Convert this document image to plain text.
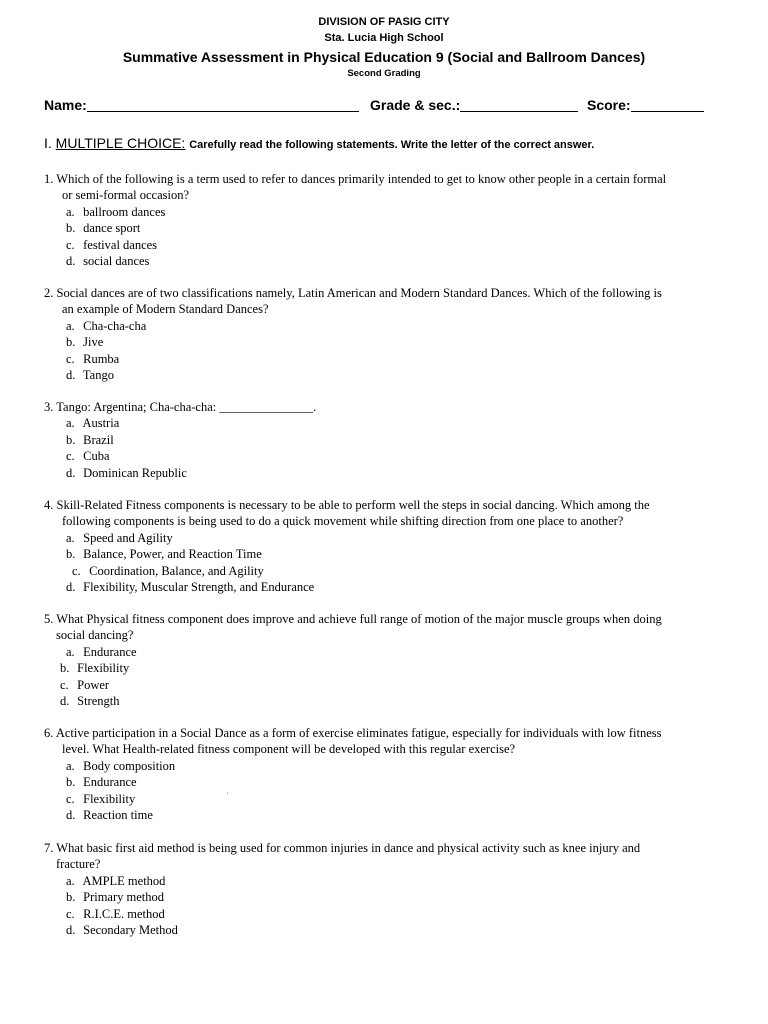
DIVISION OF PASIG CITY
Sta. Lucia High School
Summative Assessment in Physical Education 9 (Social and Ballroom Dances)
Second Grading
Name:	Grade & sec.:	Score:
I. MULTIPLE CHOICE: Carefully read the following statements. Write the letter of the correct answer.
1. Which of the following is a term used to refer to dances primarily intended to get to know other people in a certain formal
or semi-formal occasion?
a. ballroom dances
b. dance sport
c. festival dances
d. social dances
2. Social dances are of two classifications namely, Latin American and Modern Standard Dances. Which of the following is
an example of Modern Standard Dances?
a. Cha-cha-cha
b. Jive
c. Rumba
d. Tango
3. Tango: Argentina; Cha-cha-cha: _______________.
a. Austria
b. Brazil
c. Cuba
d. Dominican Republic
4. Skill-Related Fitness components is necessary to be able to perform well the steps in social dancing. Which among the
following components is being used to do a quick movement while shifting direction from one place to another?
a. Speed and Agility
b. Balance, Power, and Reaction Time
c. Coordination, Balance, and Agility
d. Flexibility, Muscular Strength, and Endurance
5. What Physical fitness component does improve and achieve full range of motion of the major muscle groups when doing
social dancing?
a. Endurance
b. Flexibility
c. Power
d. Strength
6. Active participation in a Social Dance as a form of exercise eliminates fatigue, especially for individuals with low fitness
level. What Health-related fitness component will be developed with this regular exercise?
a. Body composition
b. Endurance
c. Flexibility
d. Reaction time
7. What basic first aid method is being used for common injuries in dance and physical activity such as knee injury and
fracture?
a. AMPLE method
b. Primary method
c. R.I.C.E. method
d. Secondary Method
˙
